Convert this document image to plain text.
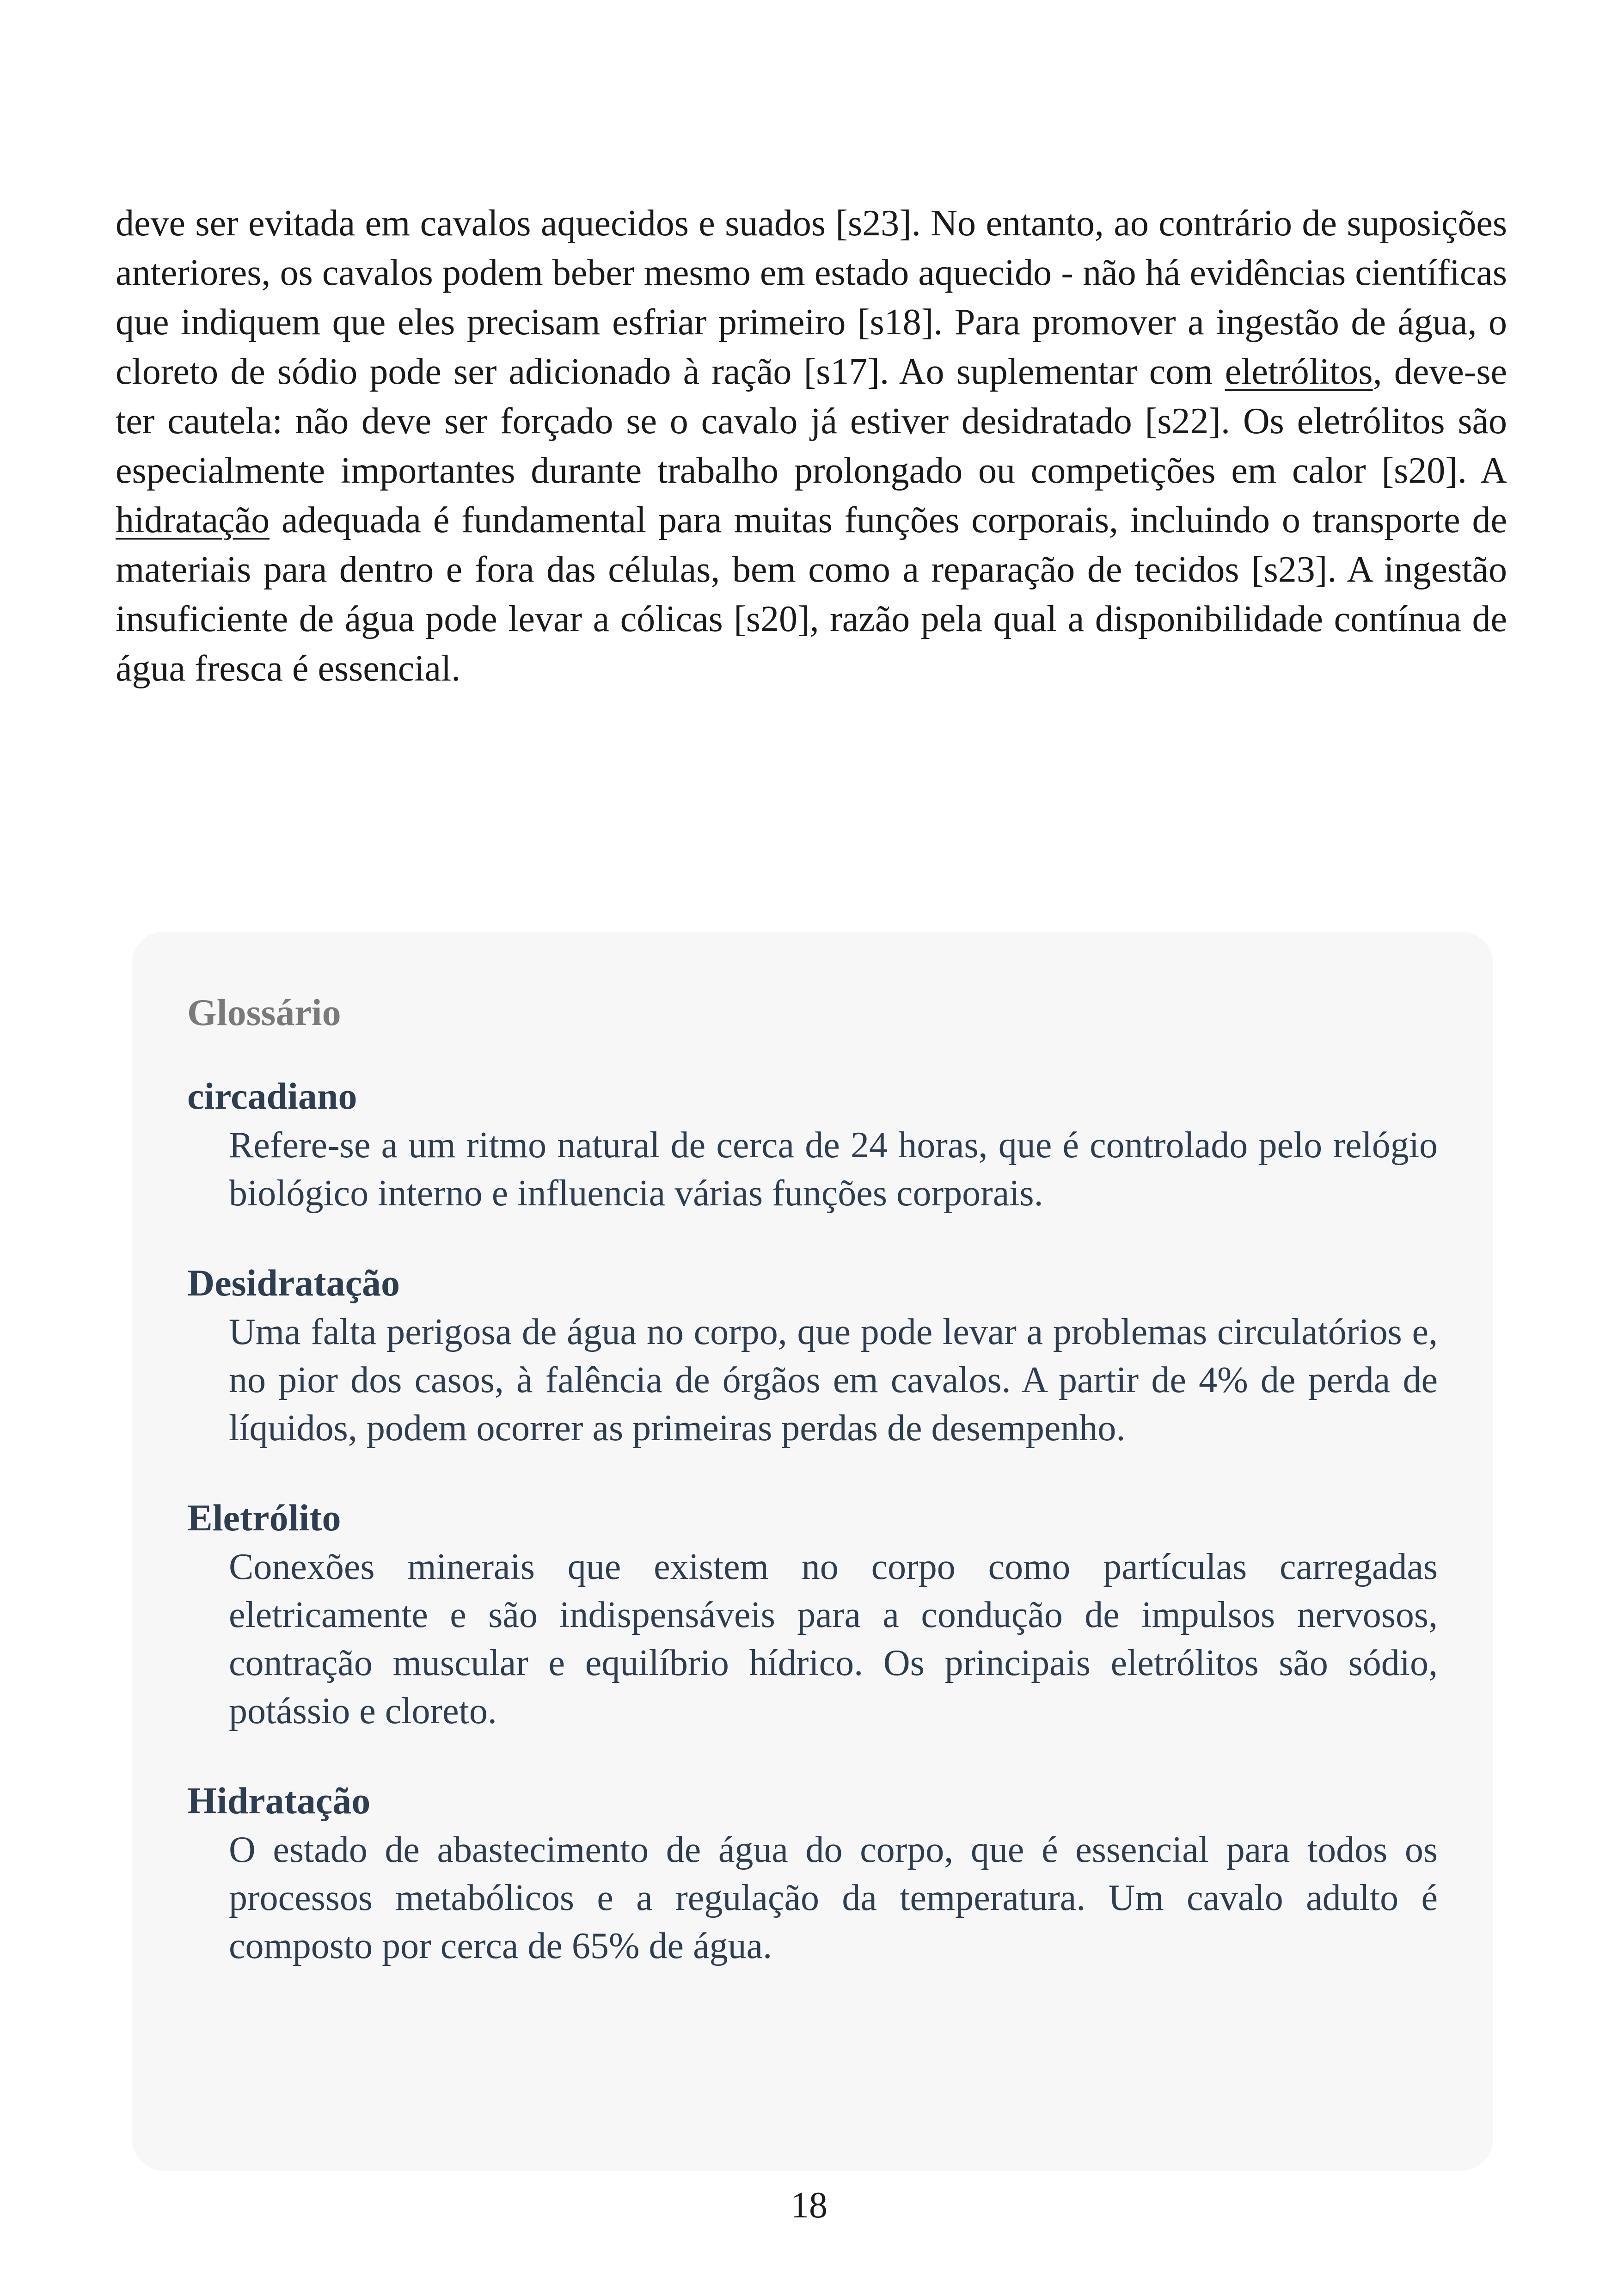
deve ser evitada em cavalos aquecidos e suados [s23]. No entanto, ao contrário de suposições anteriores, os cavalos podem beber mesmo em estado aquecido - não há evidências científicas que indiquem que eles precisam esfriar primeiro [s18]. Para promover a ingestão de água, o cloreto de sódio pode ser adicionado à ração [s17]. Ao suplementar com eletrólitos, deve-se ter cautela: não deve ser forçado se o cavalo já estiver desidratado [s22]. Os eletrólitos são especialmente importantes durante trabalho prolongado ou competições em calor [s20]. A hidratação adequada é fundamental para muitas funções corporais, incluindo o transporte de materiais para dentro e fora das células, bem como a reparação de tecidos [s23]. A ingestão insuficiente de água pode levar a cólicas [s20], razão pela qual a disponibilidade contínua de água fresca é essencial.

Glossário
circadiano
Refere-se a um ritmo natural de cerca de 24 horas, que é controlado pelo relógio biológico interno e influencia várias funções corporais.
Desidratação
Uma falta perigosa de água no corpo, que pode levar a problemas circulatórios e, no pior dos casos, à falência de órgãos em cavalos. A partir de 4% de perda de líquidos, podem ocorrer as primeiras perdas de desempenho.
Eletrólito
Conexões minerais que existem no corpo como partículas carregadas eletricamente e são indispensáveis para a condução de impulsos nervosos, contração muscular e equilíbrio hídrico. Os principais eletrólitos são sódio, potássio e cloreto.
Hidratação
O estado de abastecimento de água do corpo, que é essencial para todos os processos metabólicos e a regulação da temperatura. Um cavalo adulto é composto por cerca de 65% de água.
18
